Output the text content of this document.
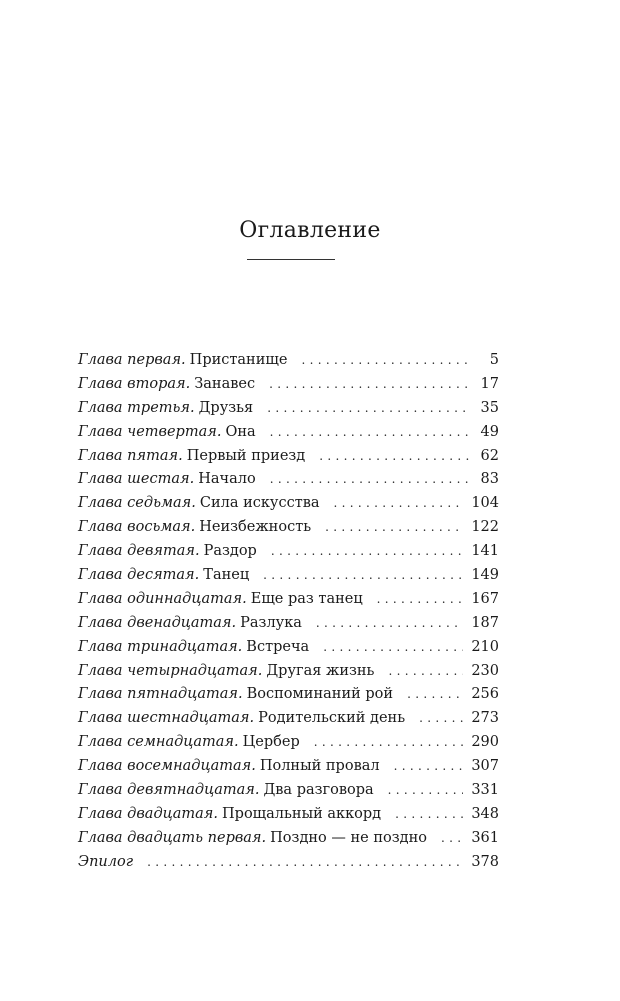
Оглавление
Глава первая. Пристанище . . .	5
Глава вторая. Занавес . . .	17
Глава третья. Друзья . . .	35
Глава четвертая. Она . . .	49
Глава пятая. Первый приезд . . .	62
Глава шестая. Начало . . .	83
Глава седьмая. Сила искусства . . .	104
Глава восьмая. Неизбежность . . .	122
Глава девятая. Раздор . . .	141
Глава десятая. Танец . . .	149
Глава одиннадцатая. Еще раз танец . . .	167
Глава двенадцатая. Разлука . . .	187
Глава тринадцатая. Встреча . . .	210
Глава четырнадцатая. Другая жизнь . . .	230
Глава пятнадцатая. Воспоминаний рой . . .	256
Глава шестнадцатая. Родительский день . . .	273
Глава семнадцатая. Цербер . . .	290
Глава восемнадцатая. Полный провал . . .	307
Глава девятнадцатая. Два разговора . . .	331
Глава двадцатая. Прощальный аккорд . . .	348
Глава двадцать первая. Поздно — не поздно . . .	361
Эпилог . . .	378
